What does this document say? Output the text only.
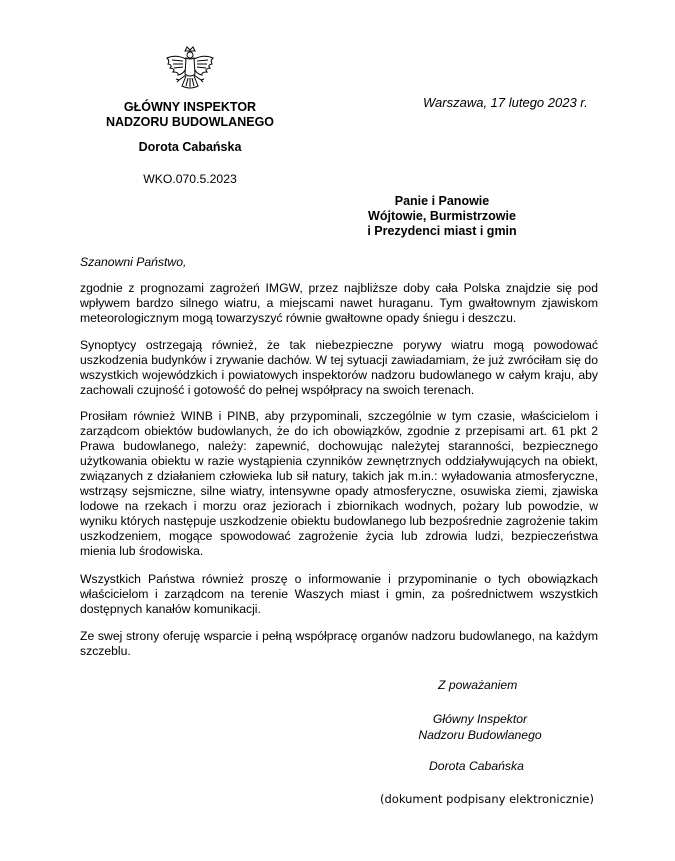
GŁÓWNY INSPEKTOR
NADZORU BUDOWLANEGO
Dorota Cabańska
WKO.070.5.2023
Warszawa, 17 lutego 2023 r.
Panie i Panowie
Wójtowie, Burmistrzowie
i Prezydenci miast i gmin
Szanowni Państwo,

zgodnie z prognozami zagrożeń IMGW, przez najbliższe doby cała Polska znajdzie się pod wpływem bardzo silnego wiatru, a miejscami nawet huraganu. Tym gwałtownym zjawiskom meteorologicznym mogą towarzyszyć równie gwałtowne opady śniegu i deszczu.

Synoptycy ostrzegają również, że tak niebezpieczne porywy wiatru mogą powodować uszkodzenia budynków i zrywanie dachów. W tej sytuacji zawiadamiam, że już zwróciłam się do wszystkich wojewódzkich i powiatowych inspektorów nadzoru budowlanego w całym kraju, aby zachowali czujność i gotowość do pełnej współpracy na swoich terenach.

Prosiłam również WINB i PINB, aby przypominali, szczególnie w tym czasie, właścicielom i zarządcom obiektów budowlanych, że do ich obowiązków, zgodnie z przepisami art. 61 pkt 2 Prawa budowlanego, należy: zapewnić, dochowując należytej staranności, bezpiecznego użytkowania obiektu w razie wystąpienia czynników zewnętrznych oddziaływujących na obiekt, związanych z działaniem człowieka lub sił natury, takich jak m.in.: wyładowania atmosferyczne, wstrząsy sejsmiczne, silne wiatry, intensywne opady atmosferyczne, osuwiska ziemi, zjawiska lodowe na rzekach i morzu oraz jeziorach i zbiornikach wodnych, pożary lub powodzie, w wyniku których następuje uszkodzenie obiektu budowlanego lub bezpośrednie zagrożenie takim uszkodzeniem, mogące spowodować zagrożenie życia lub zdrowia ludzi, bezpieczeństwa mienia lub środowiska.

Wszystkich Państwa również proszę o informowanie i przypominanie o tych obowiązkach właścicielom i zarządcom na terenie Waszych miast i gmin, za pośrednictwem wszystkich dostępnych kanałów komunikacji.

Ze swej strony oferuję wsparcie i pełną współpracę organów nadzoru budowlanego, na każdym szczeblu.

Z poważaniem
Główny Inspektor
Nadzoru Budowlanego
Dorota Cabańska
(dokument podpisany elektronicznie)
